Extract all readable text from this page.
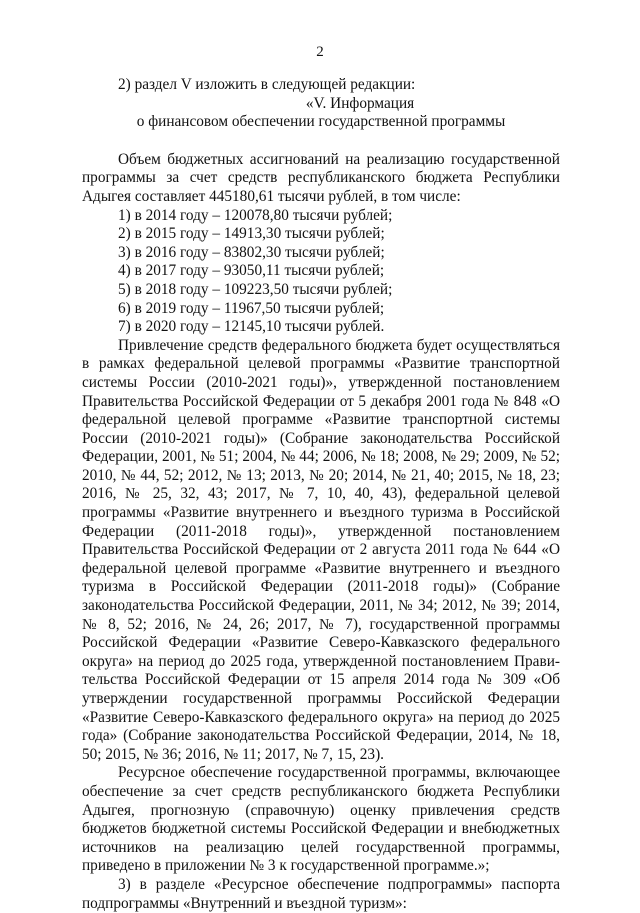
2

2) раздел V изложить в следующей редакции:

«V. Информация

о финансовом обеспечении государственной программы

Объем бюджетных ассигнований на реализацию государственной программы за счет средств республиканского бюджета Республики Адыгея составляет 445180,61 тысячи рублей, в том числе:

1) в 2014 году – 120078,80 тысячи рублей;

2) в 2015 году – 14913,30 тысячи рублей;

3) в 2016 году – 83802,30 тысячи рублей;

4) в 2017 году – 93050,11 тысячи рублей;

5) в 2018 году – 109223,50 тысячи рублей;

6) в 2019 году – 11967,50 тысячи рублей;

7) в 2020 году – 12145,10 тысячи рублей.

Привлечение средств федерального бюджета будет осуществляться в рамках федеральной целевой программы «Развитие транспортной системы России (2010-2021 годы)», утвержденной постановлением Правительства Российской Федерации от 5 декабря 2001 года № 848 «О федеральной целевой программе «Развитие транспортной системы России (2010-2021 годы)» (Собрание законодательства Российской Федерации, 2001, № 51; 2004, № 44; 2006, № 18; 2008, № 29; 2009, № 52; 2010, № 44, 52; 2012, № 13; 2013, № 20; 2014, № 21, 40; 2015, № 18, 23; 2016, № 25, 32, 43; 2017, № 7, 10, 40, 43), федеральной целевой программы «Развитие внутреннего и въездного туризма в Российской Федерации (2011-2018 годы)», утвержденной постановлением Правительства Российской Федерации от 2 августа 2011 года № 644 «О федеральной целевой программе «Развитие внутреннего и въездного туризма в Российской Федерации (2011-2018 годы)» (Собрание законодательства Российской Федерации, 2011, № 34; 2012, № 39; 2014, № 8, 52; 2016, № 24, 26; 2017, № 7), государственной программы Российской Федерации «Развитие Северо-Кавказского федерального округа» на период до 2025 года, утвержденной постановлением Правительства Российской Федерации от 15 апреля 2014 года № 309 «Об утверждении государственной программы Российской Федерации «Развитие Северо-Кавказского федерального округа» на период до 2025 года» (Собрание законодательства Российской Федерации, 2014, № 18, 50; 2015, № 36; 2016, № 11; 2017, № 7, 15, 23).

Ресурсное обеспечение государственной программы, включающее обеспечение за счет средств республиканского бюджета Республики Адыгея, прогнозную (справочную) оценку привлечения средств бюджетов бюджетной системы Российской Федерации и внебюджетных источников на реализацию целей государственной программы, приведено в приложении № 3 к государственной программе.»;

3) в разделе «Ресурсное обеспечение подпрограммы» паспорта подпрограммы «Внутренний и въездной туризм»:
